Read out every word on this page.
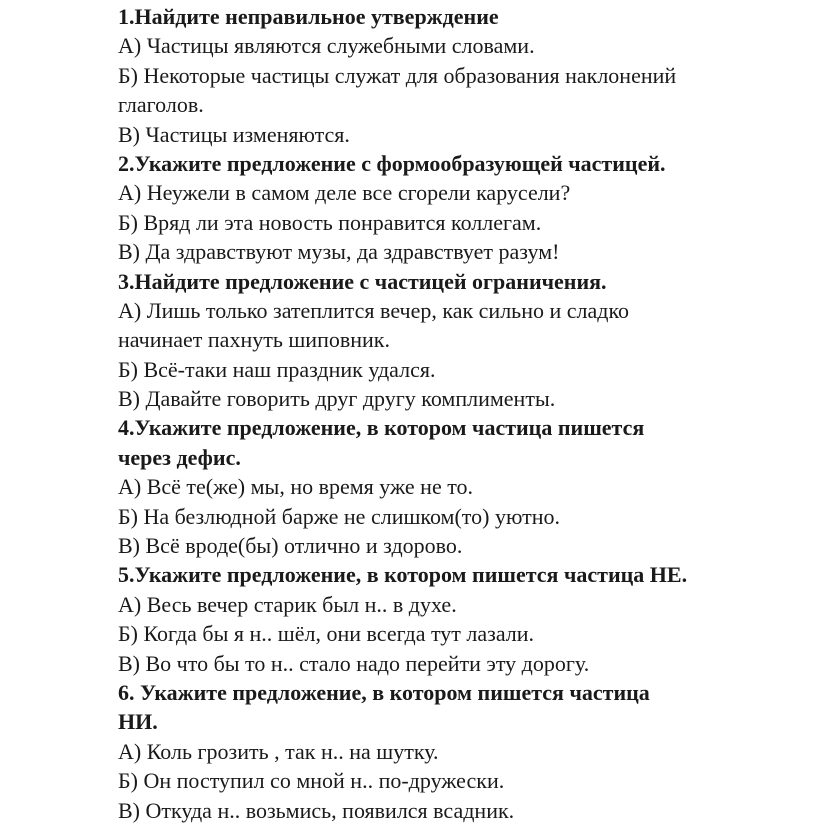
1.Найдите неправильное утверждение
А) Частицы являются служебными словами.
Б) Некоторые частицы служат для образования наклонений
глаголов.
В) Частицы изменяются.
2.Укажите предложение с формообразующей частицей.
А) Неужели в самом деле все сгорели карусели?
Б) Вряд ли эта новость понравится коллегам.
В) Да здравствуют музы, да здравствует разум!
3.Найдите предложение с частицей ограничения.
А) Лишь только затеплится вечер, как сильно и сладко
начинает пахнуть шиповник.
Б) Всё-таки наш праздник удался.
В) Давайте говорить друг другу комплименты.
4.Укажите предложение, в котором частица пишется
через дефис.
А) Всё те(же) мы, но время уже не то.
Б) На безлюдной барже не слишком(то) уютно.
В) Всё вроде(бы) отлично и здорово.
5.Укажите предложение, в котором пишется частица НЕ.
А) Весь вечер старик был н.. в духе.
Б) Когда бы я н.. шёл, они всегда тут лазали.
В) Во что бы то н.. стало надо перейти эту дорогу.
6. Укажите предложение, в котором пишется частица
НИ.
А) Коль грозить , так н.. на шутку.
Б) Он поступил со мной н.. по-дружески.
В) Откуда н.. возьмись, появился всадник.
